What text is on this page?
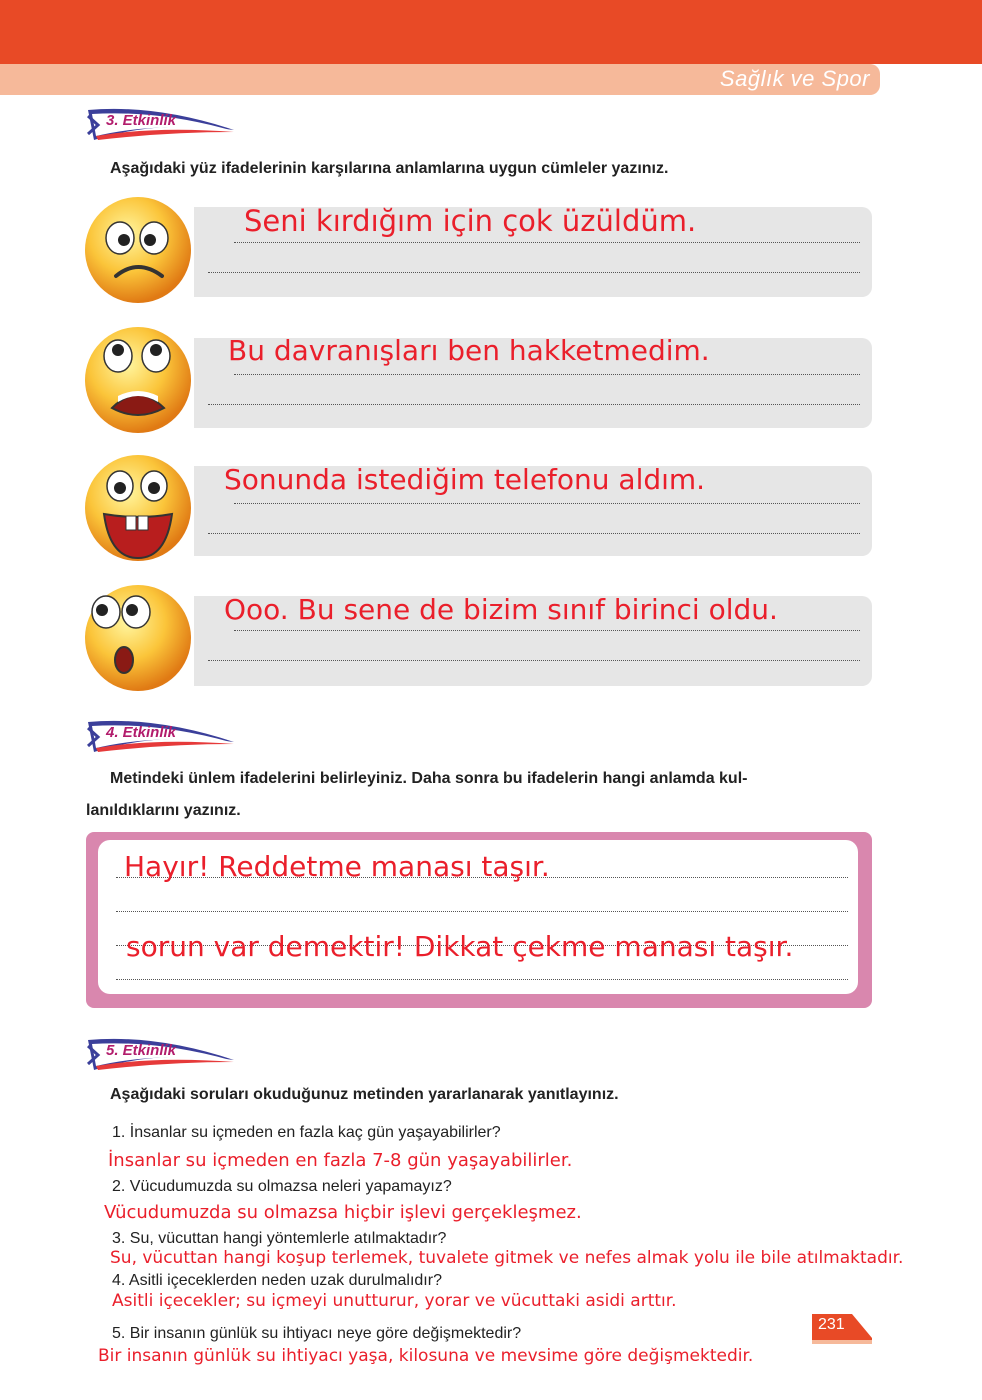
Sağlık ve Spor
3. Etkinlik
Aşağıdaki yüz ifadelerinin karşılarına anlamlarına uygun cümleler yazınız.
Seni kırdığım için çok üzüldüm.
Bu davranışları ben hakketmedim.
Sonunda istediğim telefonu aldım.
Ooo. Bu sene de bizim sınıf birinci oldu.
4. Etkinlik
Metindeki ünlem ifadelerini belirleyiniz. Daha sonra bu ifadelerin hangi anlamda kul-
lanıldıklarını yazınız.
Hayır! Reddetme manası taşır.
sorun var demektir! Dikkat çekme manası taşır.
5. Etkinlik
Aşağıdaki soruları okuduğunuz metinden yararlanarak yanıtlayınız.
1. İnsanlar su içmeden en fazla kaç gün yaşayabilirler?
İnsanlar su içmeden en fazla 7-8 gün yaşayabilirler.
2. Vücudumuzda su olmazsa neleri yapamayız?
Vücudumuzda su olmazsa hiçbir işlevi gerçekleşmez.
3. Su, vücuttan hangi yöntemlerle atılmaktadır?
Su, vücuttan hangi koşup terlemek, tuvalete gitmek ve nefes almak yolu ile bile atılmaktadır.
4. Asitli içeceklerden neden uzak durulmalıdır?
Asitli içecekler; su içmeyi unutturur, yorar ve vücuttaki asidi arttır.
5. Bir insanın günlük su ihtiyacı neye göre değişmektedir?
Bir insanın günlük su ihtiyacı yaşa, kilosuna ve mevsime göre değişmektedir.
231
